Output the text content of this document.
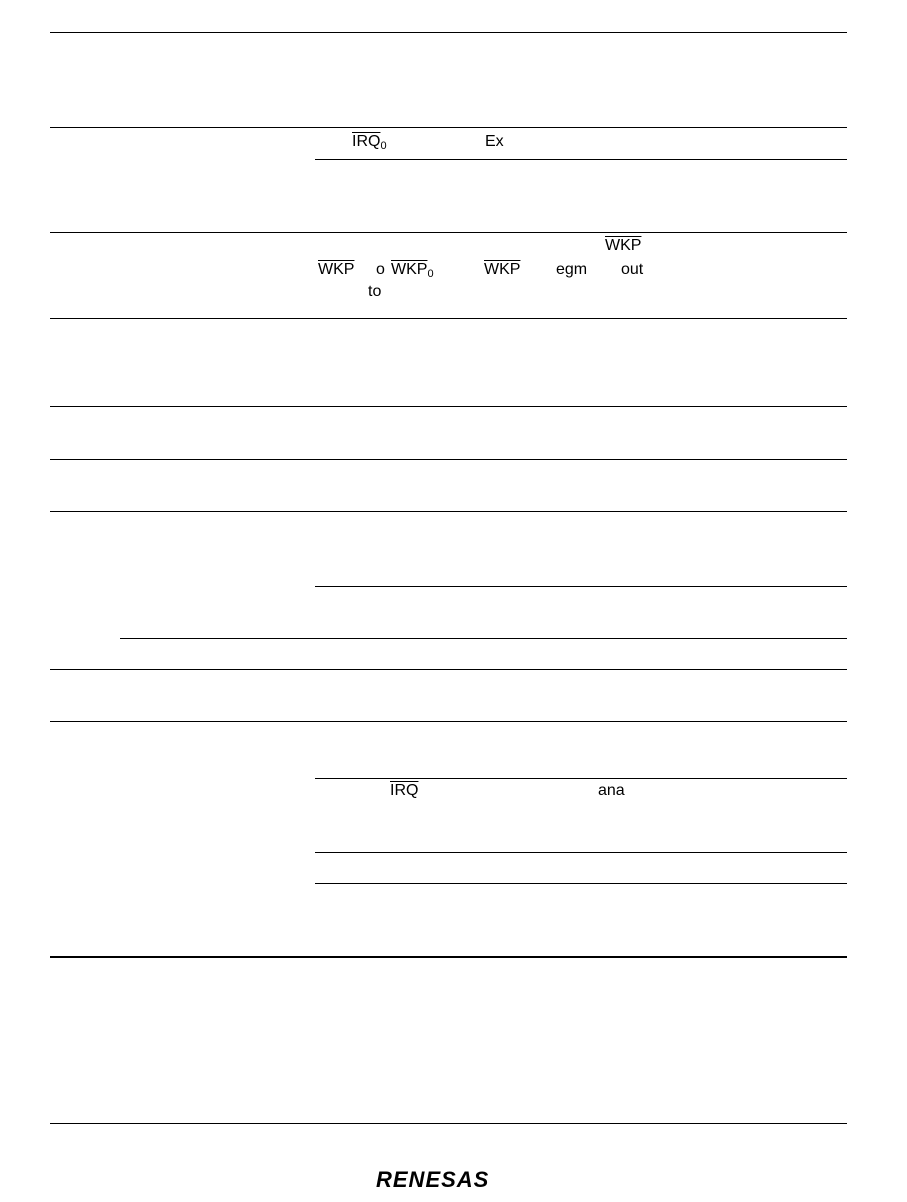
$\overline{IRQ}_0$	Ex
$\overline{WKP}$
$\overline{WKP}$ o $\overline{WKP}_0$	$\overline{WKP}$ egm out
to
$\overline{IRQ}$	ana
RENESAS
